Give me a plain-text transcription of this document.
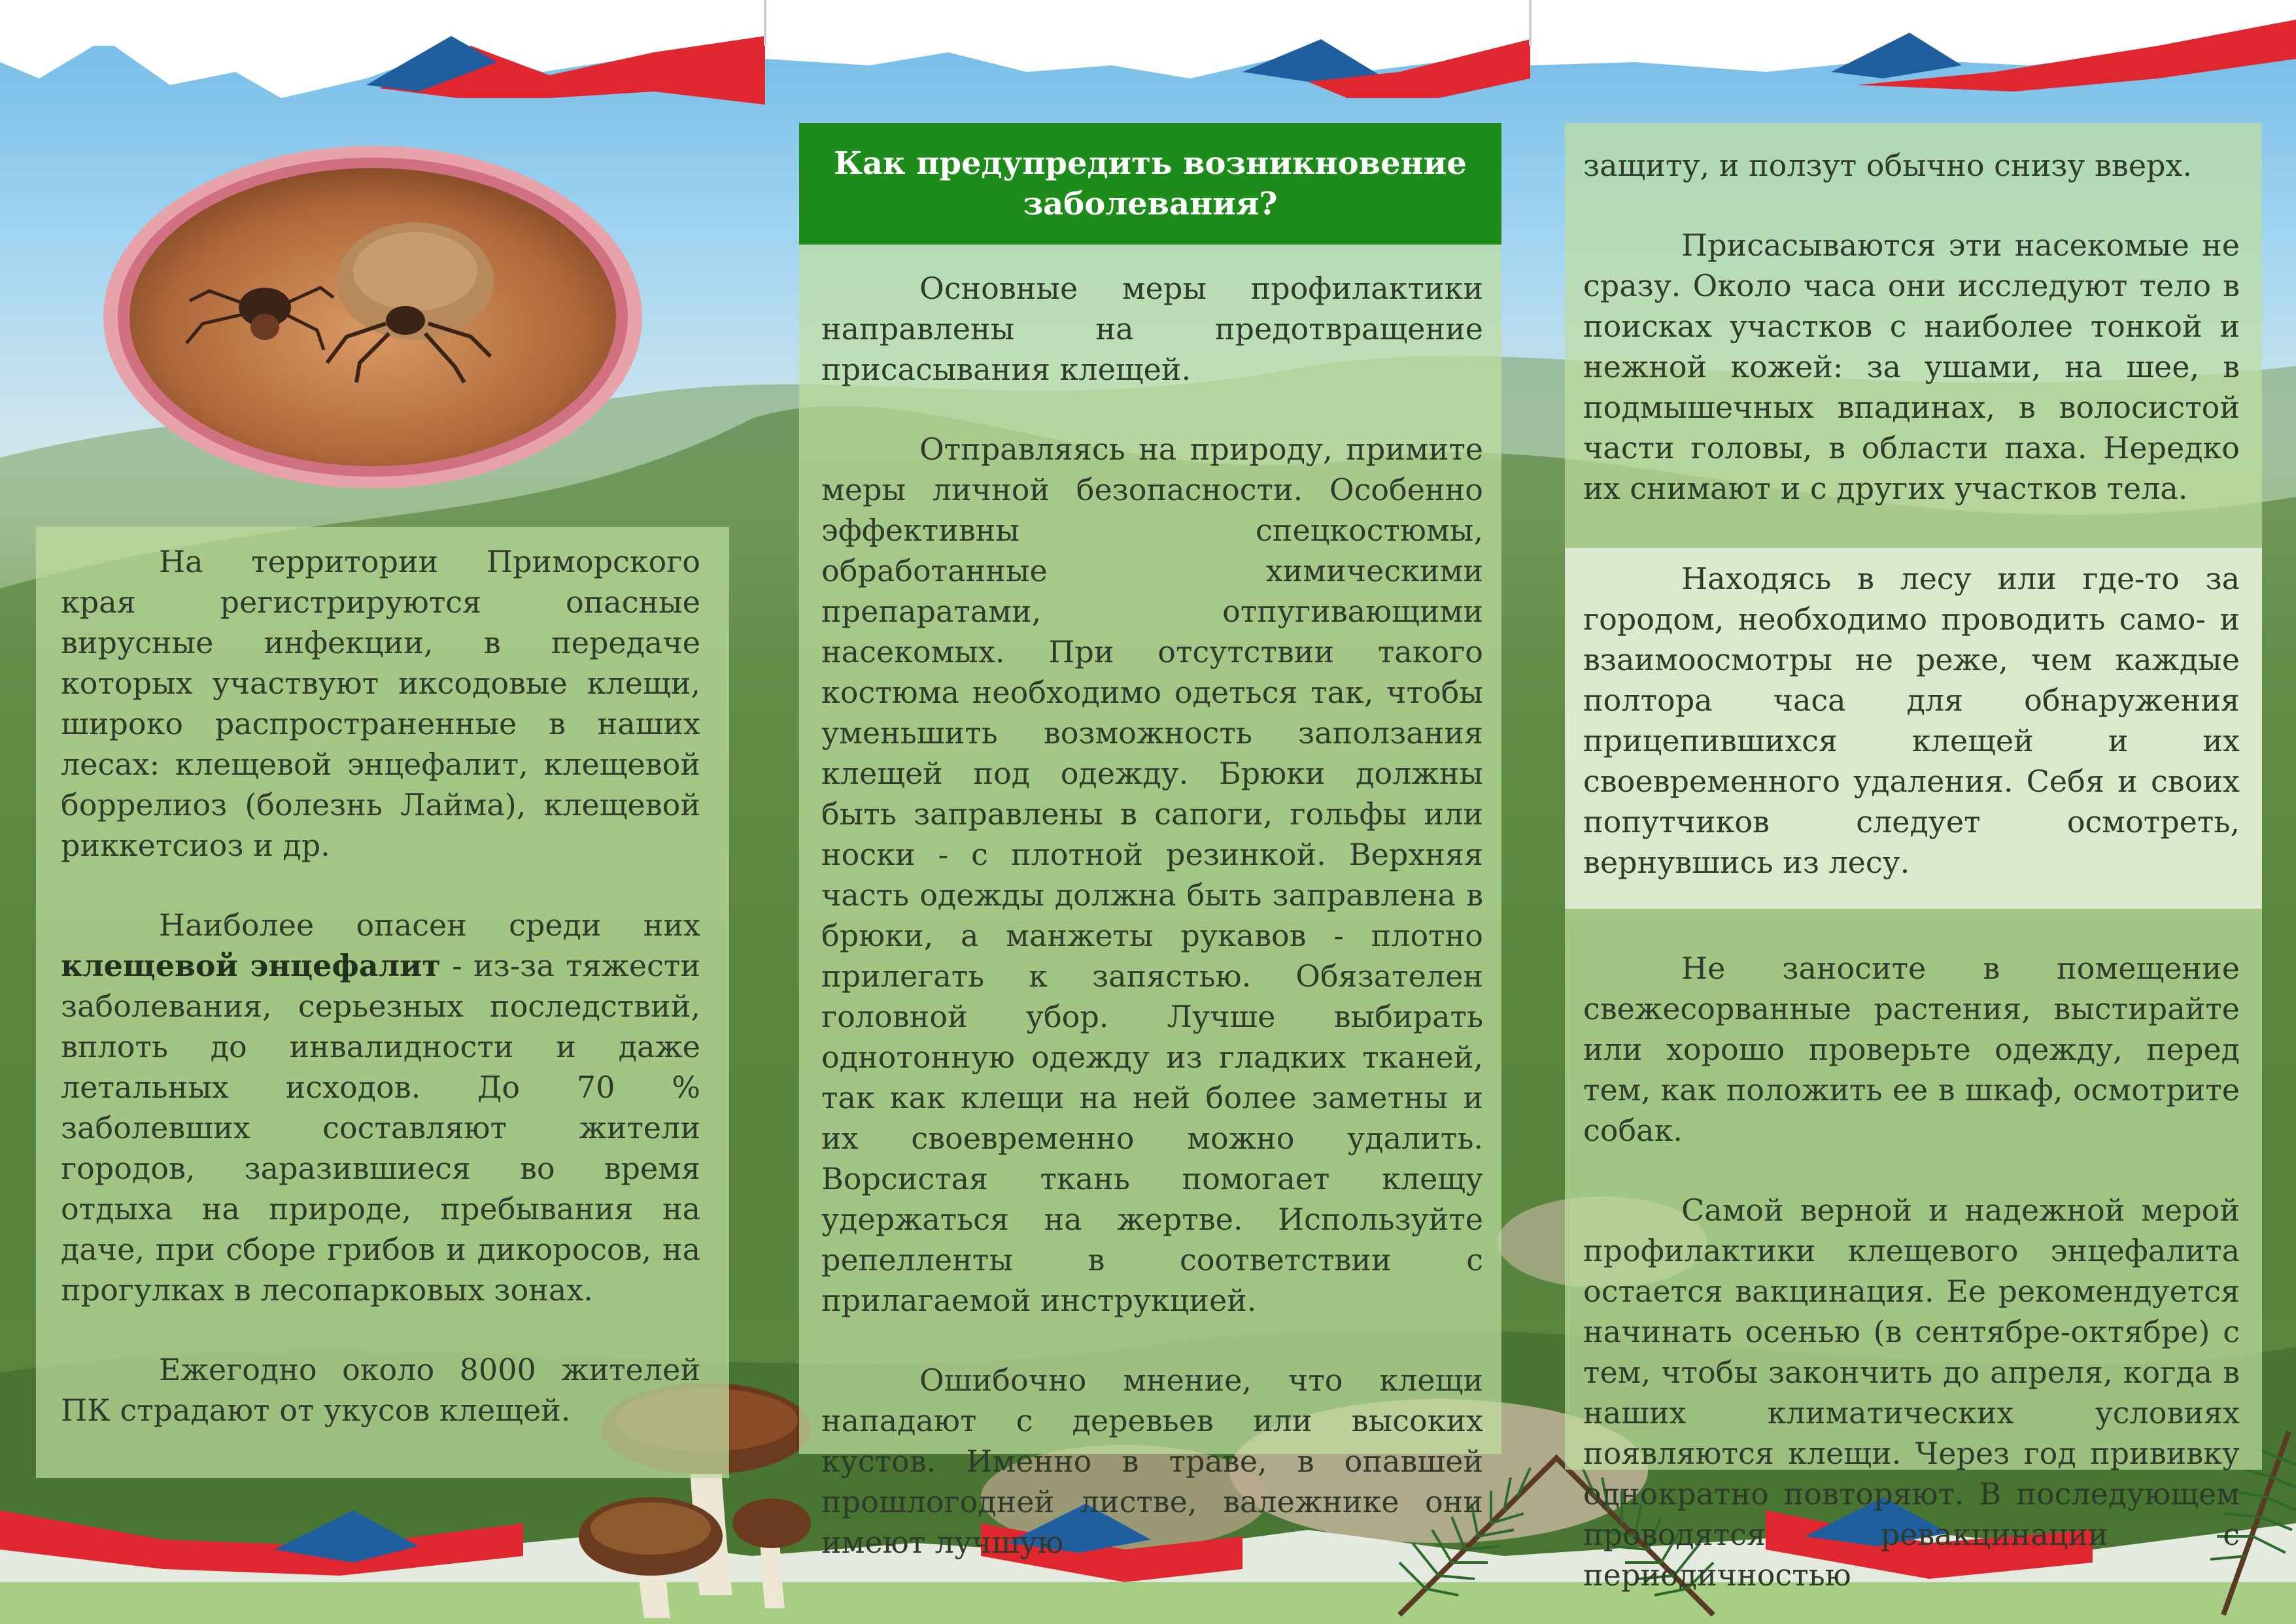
На территории Приморского края регистрируются опасные вирусные инфекции, в передаче которых участвуют иксодовые клещи, широко распространенные в наших лесах: клещевой энцефалит, клещевой боррелиоз (болезнь Лайма), клещевой риккетсиоз и др.

Наиболее опасен среди них клещевой энцефалит - из-за тяжести заболевания, серьезных последствий, вплоть до инвалидности и даже летальных исходов. До 70 % заболевших составляют жители городов, заразившиеся во время отдыха на природе, пребывания на даче, при сборе грибов и дикоросов, на прогулках в лесопарковых зонах.

Ежегодно около 8000 жителей ПК страдают от укусов клещей.

Как предупредить возникновение заболевания?

Основные меры профилактики направлены на предотвращение присасывания клещей.

Отправляясь на природу, примите меры личной безопасности. Особенно эффективны спецкостюмы, обработанные химическими препаратами, отпугивающими насекомых. При отсутствии такого костюма необходимо одеться так, чтобы уменьшить возможность заползания клещей под одежду. Брюки должны быть заправлены в сапоги, гольфы или носки - с плотной резинкой. Верхняя часть одежды должна быть заправлена в брюки, а манжеты рукавов - плотно прилегать к запястью. Обязателен головной убор. Лучше выбирать однотонную одежду из гладких тканей, так как клещи на ней более заметны и их своевременно можно удалить. Ворсистая ткань помогает клещу удержаться на жертве. Используйте репелленты в соответствии с прилагаемой инструкцией.

Ошибочно мнение, что клещи нападают с деревьев или высоких кустов. Именно в траве, в опавшей прошлогодней листве, валежнике они имеют лучшую

защиту, и ползут обычно снизу вверх.

Присасываются эти насекомые не сразу. Около часа они исследуют тело в поисках участков с наиболее тонкой и нежной кожей: за ушами, на шее, в подмышечных впадинах, в волосистой части головы, в области паха. Нередко их снимают и с других участков тела.

Находясь в лесу или где-то за городом, необходимо проводить само- и взаимоосмотры не реже, чем каждые полтора часа для обнаружения прицепившихся клещей и их своевременного удаления. Себя и своих попутчиков следует осмотреть, вернувшись из лесу.

Не заносите в помещение свежесорванные растения, выстирайте или хорошо проверьте одежду, перед тем, как положить ее в шкаф, осмотрите собак.

Самой верной и надежной мерой профилактики клещевого энцефалита остается вакцинация. Ее рекомендуется начинать осенью (в сентябре-октябре) с тем, чтобы закончить до апреля, когда в наших климатических условиях появляются клещи. Через год прививку однократно повторяют. В последующем проводятся ревакцинации с периодичностью
